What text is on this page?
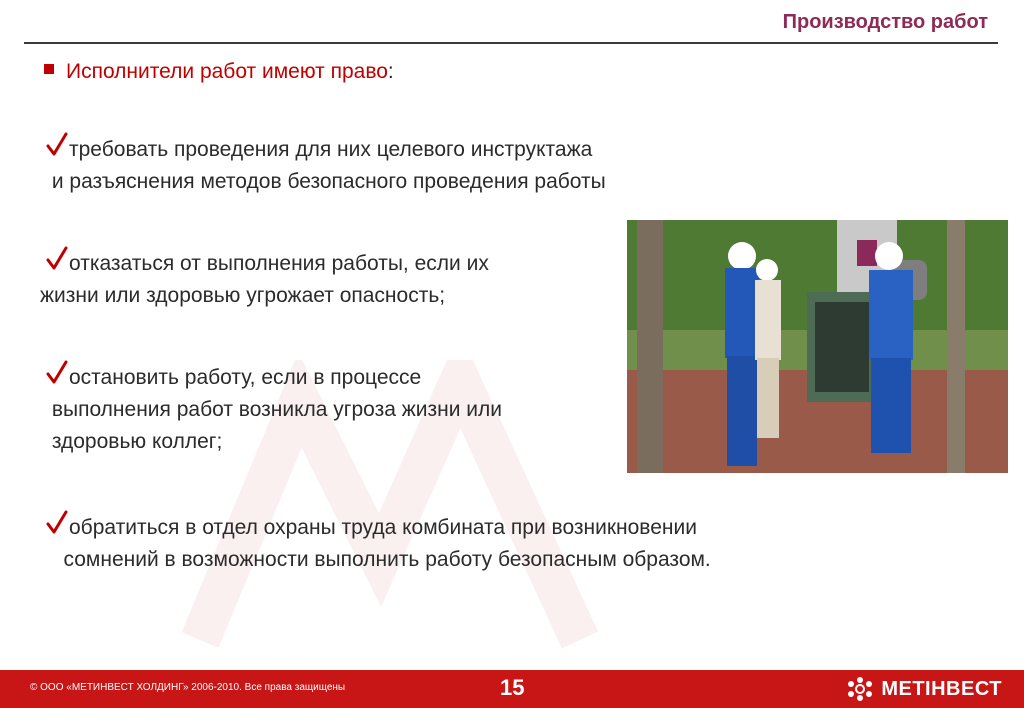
Производство работ
Исполнители работ имеют право :
требовать проведения для них целевого инструктажа
и разъяснения методов безопасного проведения работы
отказаться от выполнения работы, если их
жизни или здоровью угрожает опасность;
остановить работу, если в процессе
выполнения работ возникла угроза жизни или
здоровью коллег;
обратиться в отдел охраны труда комбината при возникновении
сомнений в возможности выполнить работу безопасным образом.
© ООО «МЕТИНВЕСТ ХОЛДИНГ» 2006-2010. Все права защищены	15	МЕТІНВЕСТ
